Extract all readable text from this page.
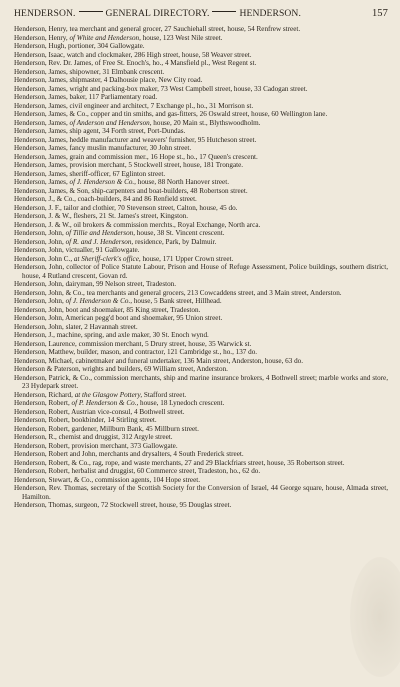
HENDERSON.	GENERAL DIRECTORY.	HENDERSON.	157

Henderson, Henry, tea merchant and general grocer, 27 Sauchiehall street, house, 54 Renfrew street.

Henderson, Henry, of White and Henderson, house, 123 West Nile street.

Henderson, Hugh, portioner, 304 Gallowgate.

Henderson, Isaac, watch and clockmaker, 286 High street, house, 58 Weaver street.

Henderson, Rev. Dr. James, of Free St. Enoch's, ho., 4 Mansfield pl., West Regent st.

Henderson, James, shipowner, 31 Elmbank crescent.

Henderson, James, shipmaster, 4 Dalhousie place, New City road.

Henderson, James, wright and packing-box maker, 73 West Campbell street, house, 33 Cadogan street.

Henderson, James, baker, 117 Parliamentary road.

Henderson, James, civil engineer and architect, 7 Exchange pl., ho., 31 Morrison st.

Henderson, James, & Co., copper and tin smiths, and gas-fitters, 26 Oswald street, house, 60 Wellington lane.

Henderson, James, of Anderson and Henderson, house, 20 Main st., Blythswoodholm.

Henderson, James, ship agent, 34 Forth street, Port-Dundas.

Henderson, James, heddle manufacturer and weavers' furnisher, 95 Hutcheson street.

Henderson, James, fancy muslin manufacturer, 30 John street.

Henderson, James, grain and commission mer., 16 Hope st., ho., 17 Queen's crescent.

Henderson, James, provision merchant, 5 Stockwell street, house, 181 Trongate.

Henderson, James, sheriff-officer, 67 Eglinton street.

Henderson, James, of J. Henderson & Co., house, 88 North Hanover street.

Henderson, James, & Son, ship-carpenters and boat-builders, 48 Robertson street.

Henderson, J., & Co., coach-builders, 84 and 86 Renfield street.

Henderson, J. F., tailor and clothier, 70 Stevenson street, Calton, house, 45 do.

Henderson, J. & W., fleshers, 21 St. James's street, Kingston.

Henderson, J. & W., oil brokers & commission merchts., Royal Exchange, North arca.

Henderson, John, of Tillie and Henderson, house, 38 St. Vincent crescent.

Henderson, John, of R. and J. Henderson, residence, Park, by Dalmuir.

Henderson, John, victualler, 91 Gallowgate.

Henderson, John C., at Sheriff-clerk's office, house, 171 Upper Crown street.

Henderson, John, collector of Police Statute Labour, Prison and House of Refuge Assessment, Police buildings, southern district, house, 4 Rutland crescent, Govan rd.

Henderson, John, dairyman, 99 Nelson street, Tradeston.

Henderson, John, & Co., tea merchants and general grocers, 213 Cowcaddens street, and 3 Main street, Anderston.

Henderson, John, of J. Henderson & Co., house, 5 Bank street, Hillhead.

Henderson, John, boot and shoemaker, 85 King street, Tradeston.

Henderson, John, American pegg'd boot and shoemaker, 95 Union street.

Henderson, John, slater, 2 Havannah street.

Henderson, J., machine, spring, and axle maker, 30 St. Enoch wynd.

Henderson, Laurence, commission merchant, 5 Drury street, house, 35 Warwick st.

Henderson, Matthew, builder, mason, and contractor, 121 Cambridge st., ho., 137 do.

Henderson, Michael, cabinetmaker and funeral undertaker, 136 Main street, Anderston, house, 63 do.

Henderson & Paterson, wrights and builders, 69 William street, Anderston.

Henderson, Patrick, & Co., commission merchants, ship and marine insurance brokers, 4 Bothwell street; marble works and store, 23 Hydepark street.

Henderson, Richard, at the Glasgow Pottery, Stafford street.

Henderson, Robert, of P. Henderson & Co., house, 18 Lynedoch crescent.

Henderson, Robert, Austrian vice-consul, 4 Bothwell street.

Henderson, Robert, bookbinder, 14 Stirling street.

Henderson, Robert, gardener, Millburn Bank, 45 Millburn street.

Henderson, R., chemist and druggist, 312 Argyle street.

Henderson, Robert, provision merchant, 373 Gallowgate.

Henderson, Robert and John, merchants and drysalters, 4 South Frederick street.

Henderson, Robert, & Co., rag, rope, and waste merchants, 27 and 29 Blackfriars street, house, 35 Robertson street.

Henderson, Robert, herbalist and druggist, 60 Commerce street, Tradeston, ho., 62 do.

Henderson, Stewart, & Co., commission agents, 104 Hope street.

Henderson, Rev. Thomas, secretary of the Scottish Society for the Conversion of Israel, 44 George square, house, Almada street, Hamilton.

Henderson, Thomas, surgeon, 72 Stockwell street, house, 95 Douglas street.
